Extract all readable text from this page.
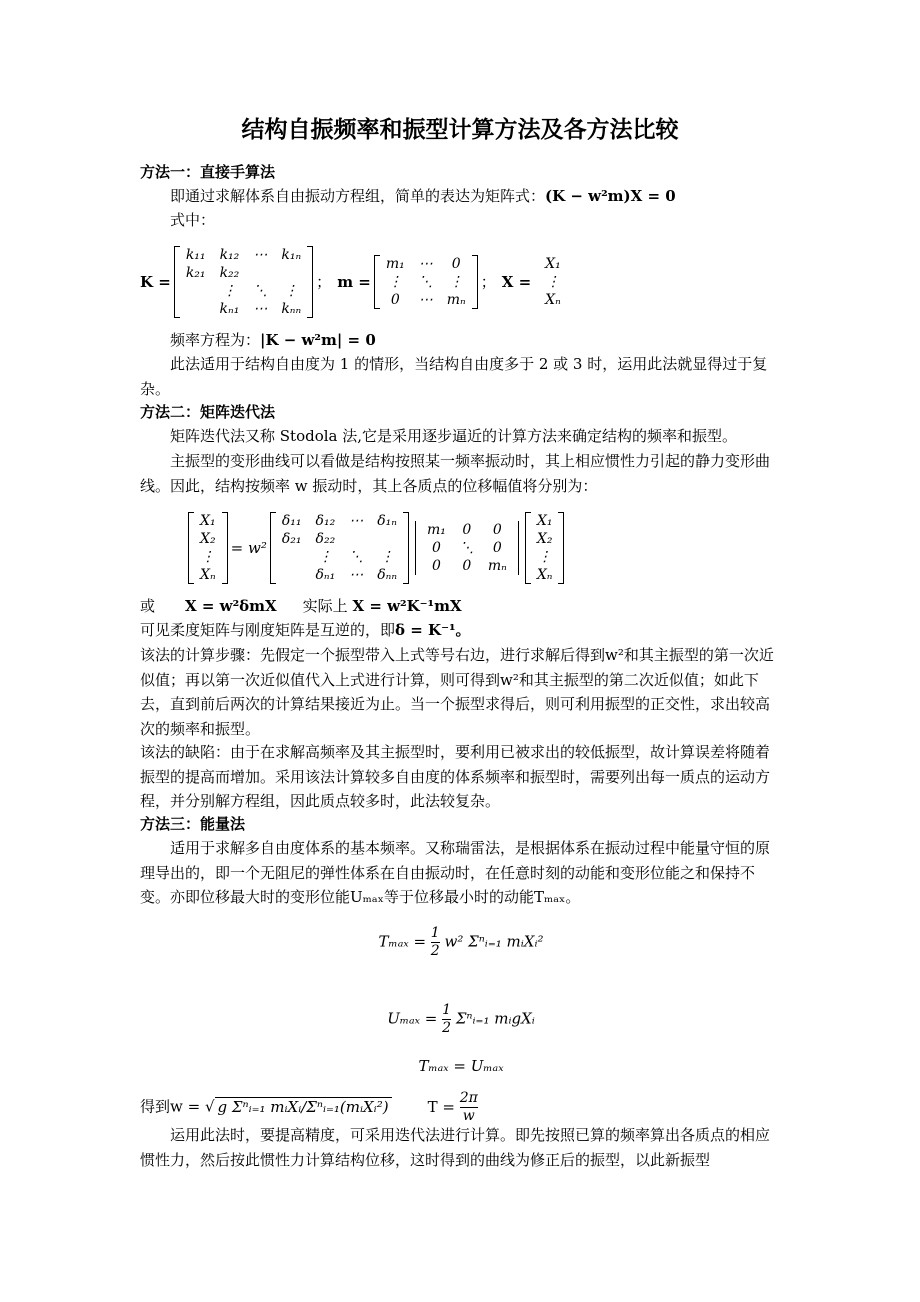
结构自振频率和振型计算方法及各方法比较
方法一：直接手算法
即通过求解体系自由振动方程组，简单的表达为矩阵式：(K − w²m)X = 0
式中：
K =
k₁₁	k₁₂	⋯	k₁ₙ
k₂₁	k₂₂		
	⋮	⋱	⋮
	kₙ₁	⋯	kₙₙ
； m =
m₁	⋯	0
⋮	⋱	⋮
0	⋯	mₙ
； X =
X₁
⋮
Xₙ
频率方程为：|K − w²m| = 0
此法适用于结构自由度为 1 的情形，当结构自由度多于 2 或 3 时，运用此法就显得过于复杂。
方法二：矩阵迭代法
矩阵迭代法又称 Stodola 法,它是采用逐步逼近的计算方法来确定结构的频率和振型。
主振型的变形曲线可以看做是结构按照某一频率振动时，其上相应惯性力引起的静力变形曲线。因此，结构按频率 w 振动时，其上各质点的位移幅值将分别为：
X₁
X₂
⋮
Xₙ
= w²
δ₁₁	δ₁₂	⋯	δ₁ₙ
δ₂₁	δ₂₂		
	⋮	⋱	⋮
	δₙ₁	⋯	δₙₙ
m₁	0	0
0	⋱	0
0	0	mₙ
X₁
X₂
⋮
Xₙ
或 X = w²δmX 实际上 X = w²K⁻¹mX
可见柔度矩阵与刚度矩阵是互逆的，即δ = K⁻¹。
该法的计算步骤：先假定一个振型带入上式等号右边，进行求解后得到w²和其主振型的第一次近似值；再以第一次近似值代入上式进行计算，则可得到w²和其主振型的第二次近似值；如此下去，直到前后两次的计算结果接近为止。当一个振型求得后，则可利用振型的正交性，求出较高次的频率和振型。
该法的缺陷：由于在求解高频率及其主振型时，要利用已被求出的较低振型，故计算误差将随着振型的提高而增加。采用该法计算较多自由度的体系频率和振型时，需要列出每一质点的运动方程，并分别解方程组，因此质点较多时，此法较复杂。
方法三：能量法
适用于求解多自由度体系的基本频率。又称瑞雷法，是根据体系在振动过程中能量守恒的原理导出的，即一个无阻尼的弹性体系在自由振动时，在任意时刻的动能和变形位能之和保持不变。亦即位移最大时的变形位能Uₘₐₓ等于位移最小时的动能Tₘₐₓ。
$T_{max} = \frac{1}{2} w^2$ Σⁿᵢ₌₁ mᵢXᵢ²
$U_{max} = \frac{1}{2}$ Σⁿᵢ₌₁ mᵢgXᵢ
Tₘₐₓ = Uₘₐₓ
得到w = √ g Σⁿᵢ₌₁ mᵢXᵢ/Σⁿᵢ₌₁(mᵢXᵢ²)	$T = \frac{2\pi}{w}$
运用此法时，要提高精度，可采用迭代法进行计算。即先按照已算的频率算出各质点的相应惯性力，然后按此惯性力计算结构位移，这时得到的曲线为修正后的振型，以此新振型
